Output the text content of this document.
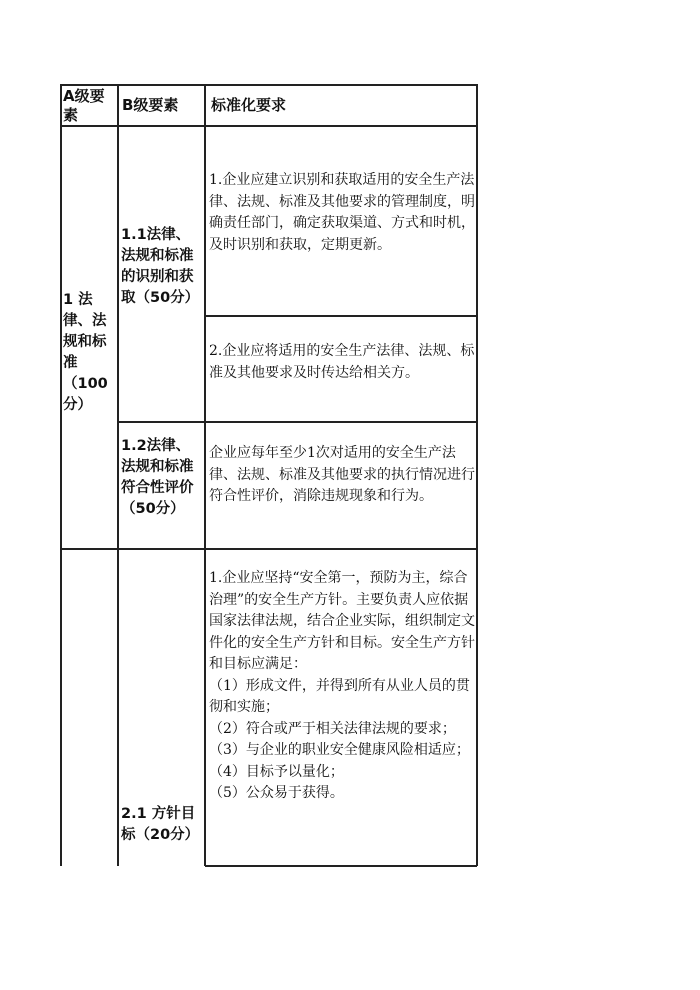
A级要素
B级要素	标准化要求
1 法律、法规和标准（100分）
1.1法律、法规和标准的识别和获取（50分）
1.企业应建立识别和获取适用的安全生产法律、法规、标准及其他要求的管理制度，明确责任部门，确定获取渠道、方式和时机，及时识别和获取，定期更新。
2.企业应将适用的安全生产法律、法规、标准及其他要求及时传达给相关方。
1.2法律、法规和标准符合性评价（50分）
企业应每年至少1次对适用的安全生产法律、法规、标准及其他要求的执行情况进行符合性评价，消除违规现象和行为。
2.1 方针目标（20分）
1.企业应坚持“安全第一，预防为主，综合治理”的安全生产方针。主要负责人应依据国家法律法规，结合企业实际，组织制定文件化的安全生产方针和目标。安全生产方针和目标应满足：
（1）形成文件，并得到所有从业人员的贯彻和实施；
（2）符合或严于相关法律法规的要求；
（3）与企业的职业安全健康风险相适应；
（4）目标予以量化；
（5）公众易于获得。
